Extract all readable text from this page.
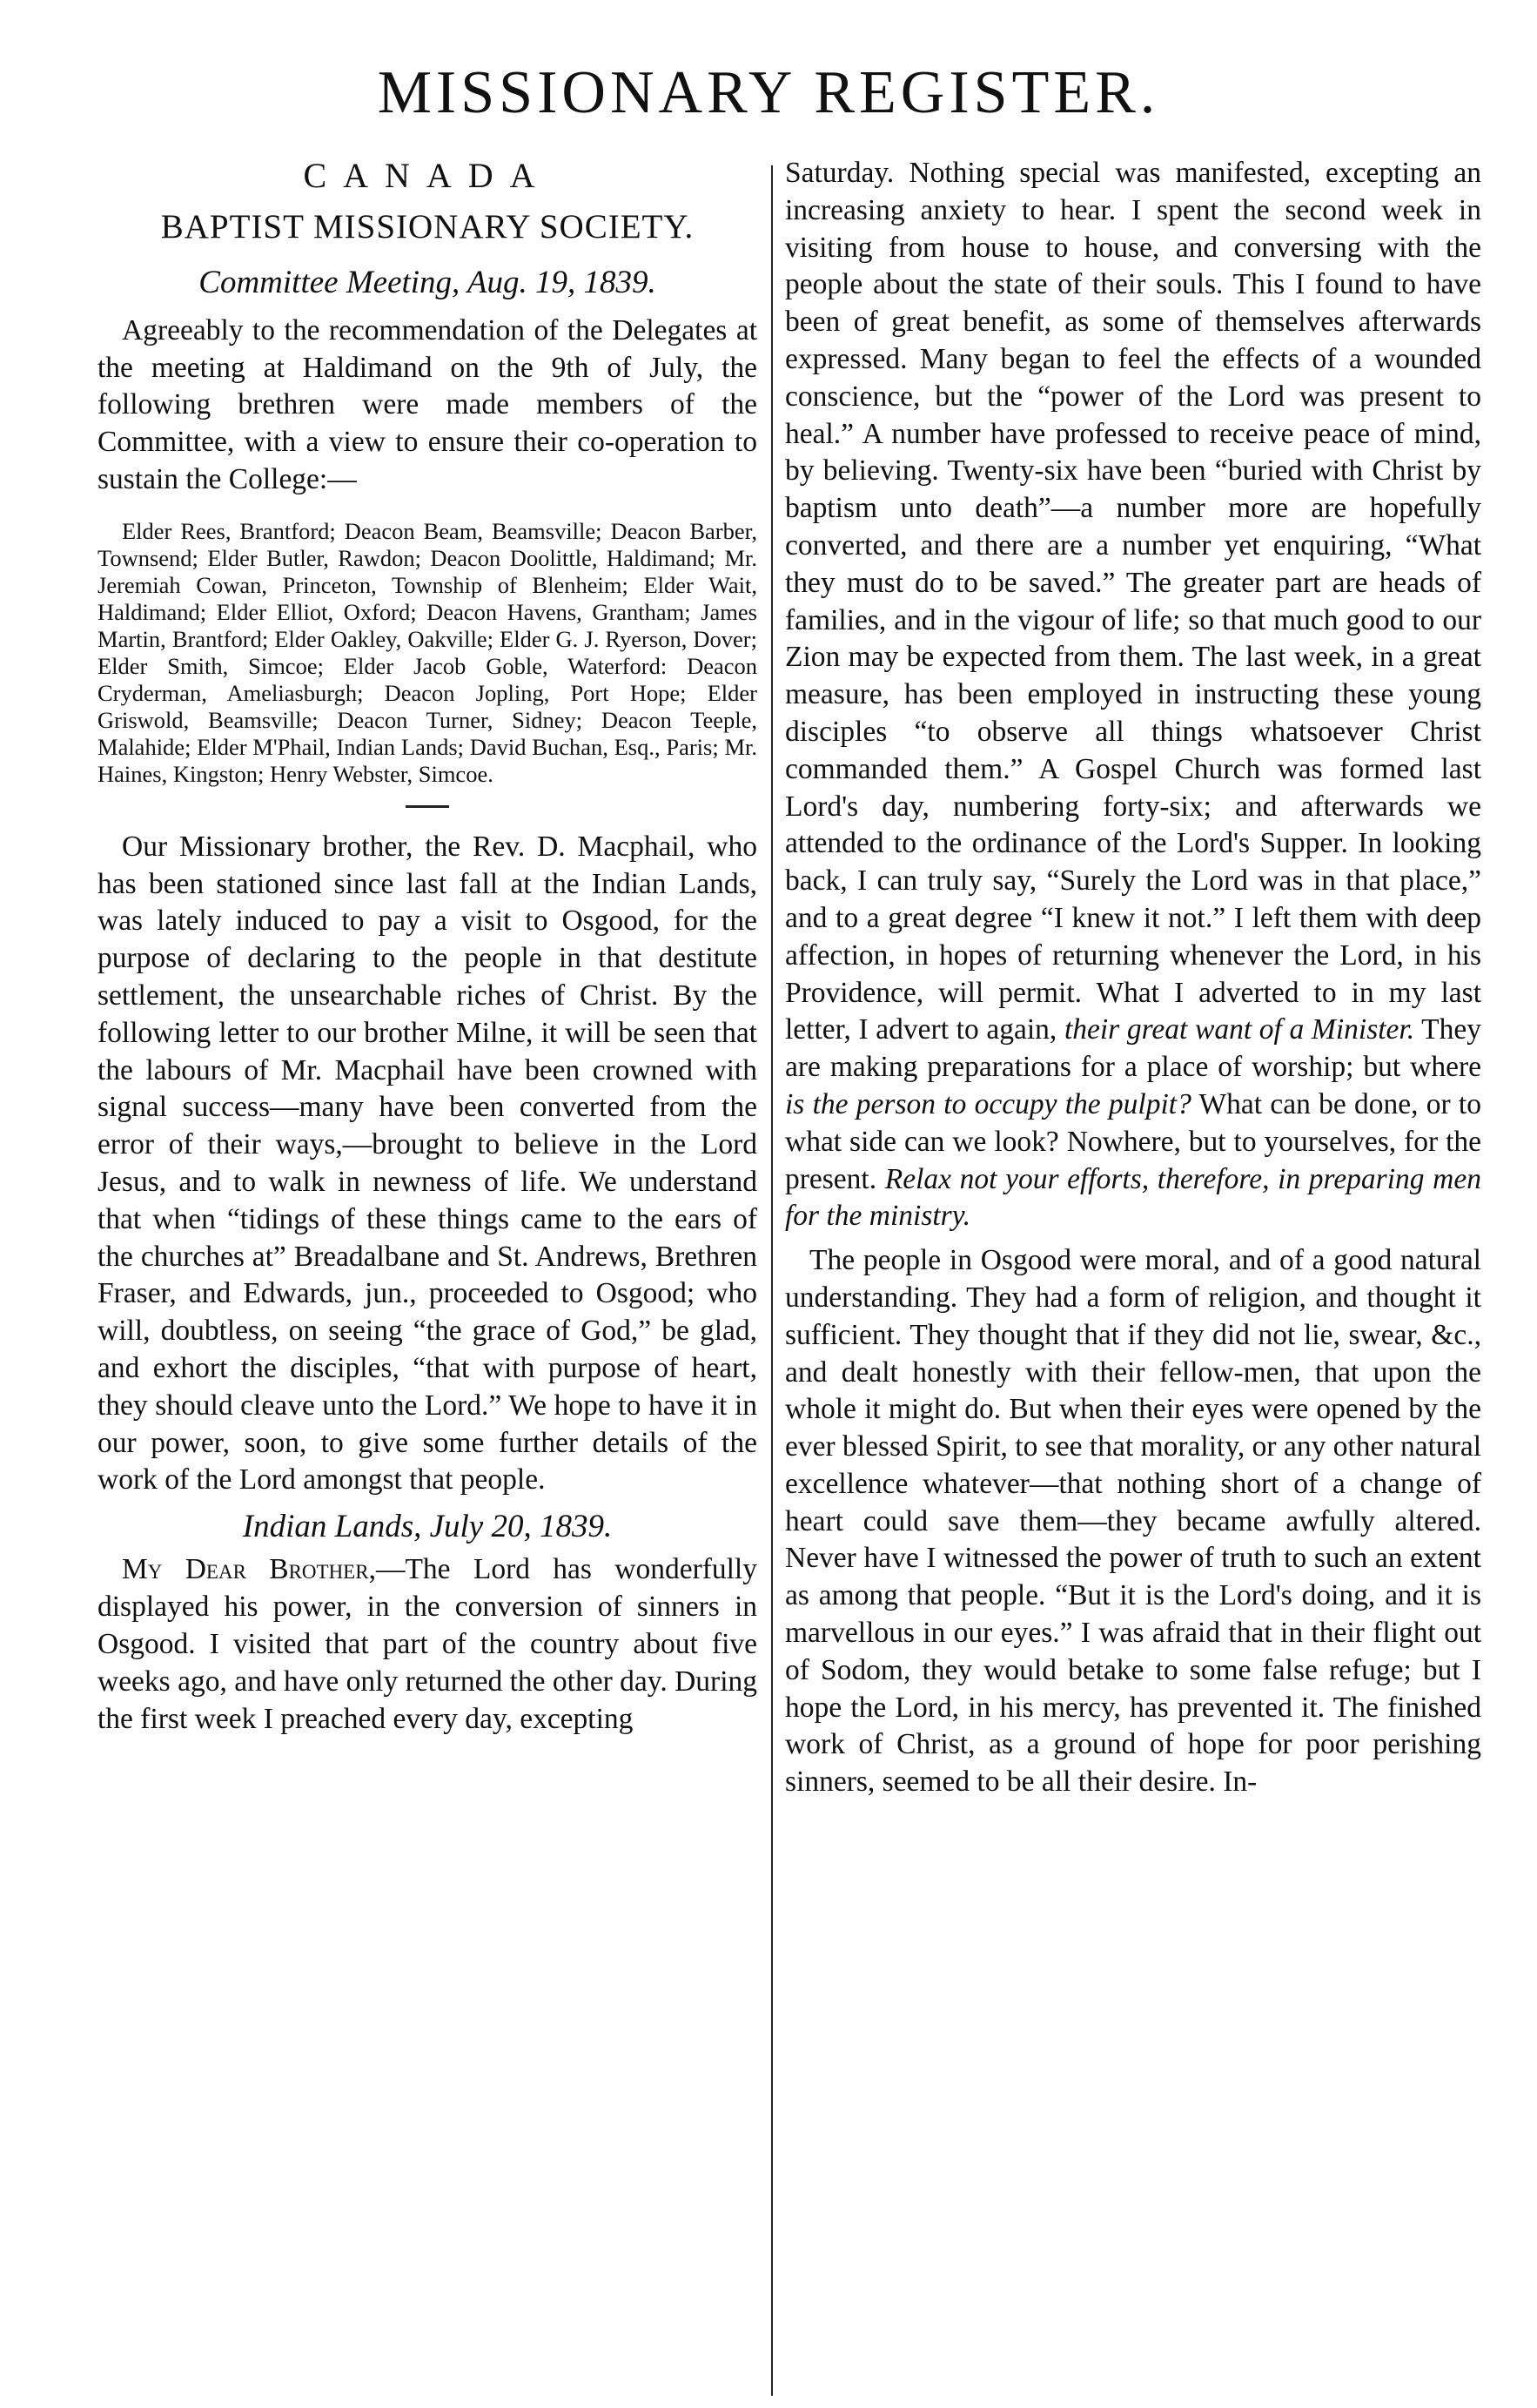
MISSIONARY REGISTER.

CANADA

BAPTIST MISSIONARY SOCIETY.

Committee Meeting, Aug. 19, 1839.

Agreeably to the recommendation of the Delegates at the meeting at Haldimand on the 9th of July, the following brethren were made members of the Committee, with a view to ensure their co-operation to sustain the College:—

Elder Rees, Brantford; Deacon Beam, Beamsville; Deacon Barber, Townsend; Elder Butler, Rawdon; Deacon Doolittle, Haldimand; Mr. Jeremiah Cowan, Princeton, Township of Blenheim; Elder Wait, Haldimand; Elder Elliot, Oxford; Deacon Havens, Grantham; James Martin, Brantford; Elder Oakley, Oakville; Elder G. J. Ryerson, Dover; Elder Smith, Simcoe; Elder Jacob Goble, Waterford: Deacon Cryderman, Ameliasburgh; Deacon Jopling, Port Hope; Elder Griswold, Beamsville; Deacon Turner, Sidney; Deacon Teeple, Malahide; Elder M'Phail, Indian Lands; David Buchan, Esq., Paris; Mr. Haines, Kingston; Henry Webster, Simcoe.

Our Missionary brother, the Rev. D. Macphail, who has been stationed since last fall at the Indian Lands, was lately induced to pay a visit to Osgood, for the purpose of declaring to the people in that destitute settlement, the unsearchable riches of Christ. By the following letter to our brother Milne, it will be seen that the labours of Mr. Macphail have been crowned with signal success—many have been converted from the error of their ways,—brought to believe in the Lord Jesus, and to walk in newness of life. We understand that when “tidings of these things came to the ears of the churches at” Breadalbane and St. Andrews, Brethren Fraser, and Edwards, jun., proceeded to Osgood; who will, doubtless, on seeing “the grace of God,” be glad, and exhort the disciples, “that with purpose of heart, they should cleave unto the Lord.” We hope to have it in our power, soon, to give some further details of the work of the Lord amongst that people.

Indian Lands, July 20, 1839.

My Dear Brother,—The Lord has wonderfully displayed his power, in the conversion of sinners in Osgood. I visited that part of the country about five weeks ago, and have only returned the other day. During the first week I preached every day, excepting

Saturday. Nothing special was manifested, excepting an increasing anxiety to hear. I spent the second week in visiting from house to house, and conversing with the people about the state of their souls. This I found to have been of great benefit, as some of themselves afterwards expressed. Many began to feel the effects of a wounded conscience, but the “power of the Lord was present to heal.” A number have professed to receive peace of mind, by believing. Twenty-six have been “buried with Christ by baptism unto death”—a number more are hopefully converted, and there are a number yet enquiring, “What they must do to be saved.” The greater part are heads of families, and in the vigour of life; so that much good to our Zion may be expected from them. The last week, in a great measure, has been employed in instructing these young disciples “to observe all things whatsoever Christ commanded them.” A Gospel Church was formed last Lord's day, numbering forty-six; and afterwards we attended to the ordinance of the Lord's Supper. In looking back, I can truly say, “Surely the Lord was in that place,” and to a great degree “I knew it not.” I left them with deep affection, in hopes of returning whenever the Lord, in his Providence, will permit. What I adverted to in my last letter, I advert to again, their great want of a Minister. They are making preparations for a place of worship; but where is the person to occupy the pulpit? What can be done, or to what side can we look? Nowhere, but to yourselves, for the present. Relax not your efforts, therefore, in preparing men for the ministry.

The people in Osgood were moral, and of a good natural understanding. They had a form of religion, and thought it sufficient. They thought that if they did not lie, swear, &c., and dealt honestly with their fellow-men, that upon the whole it might do. But when their eyes were opened by the ever blessed Spirit, to see that morality, or any other natural excellence whatever—that nothing short of a change of heart could save them—they became awfully altered. Never have I witnessed the power of truth to such an extent as among that people. “But it is the Lord's doing, and it is marvellous in our eyes.” I was afraid that in their flight out of Sodom, they would betake to some false refuge; but I hope the Lord, in his mercy, has prevented it. The finished work of Christ, as a ground of hope for poor perishing sinners, seemed to be all their desire. In-
